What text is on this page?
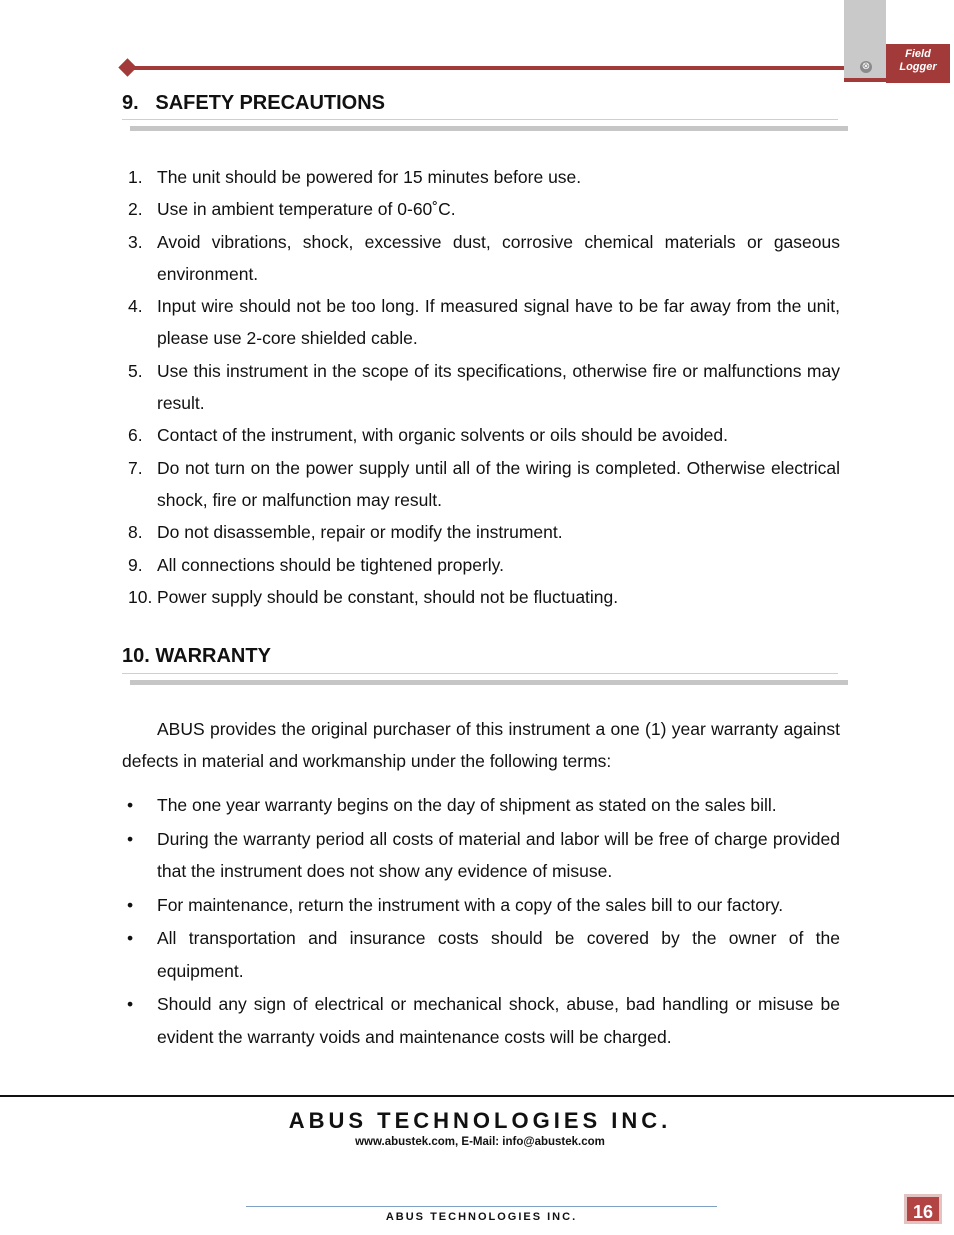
⊗
Field
Logger
9.   SAFETY PRECAUTIONS
1. The unit should be powered for 15 minutes before use.
2. Use in ambient temperature of 0-60˚C.
3. Avoid vibrations, shock, excessive dust, corrosive chemical materials or gaseous environment.
4. Input wire should not be too long. If measured signal have to be far away from the unit, please use 2-core shielded cable.
5. Use this instrument in the scope of its specifications, otherwise fire or malfunctions may result.
6. Contact of the instrument, with organic solvents or oils should be avoided.
7. Do not turn on the power supply until all of the wiring is completed. Otherwise electrical shock, fire or malfunction may result.
8. Do not disassemble, repair or modify the instrument.
9. All connections should be tightened properly.
10. Power supply should be constant, should not be fluctuating.
10. WARRANTY
ABUS provides the original purchaser of this instrument a one (1) year warranty against defects in material and workmanship under the following terms:
• The one year warranty begins on the day of shipment as stated on the sales bill.
• During the warranty period all costs of material and labor will be free of charge provided that the instrument does not show any evidence of misuse.
• For maintenance, return the instrument with a copy of the sales bill to our factory.
• All transportation and insurance costs should be covered by the owner of the equipment.
• Should any sign of electrical or mechanical shock, abuse, bad handling or misuse be evident the warranty voids and maintenance costs will be charged.
ABUS TECHNOLOGIES INC.
www.abustek.com, E-Mail: info@abustek.com
ABUS TECHNOLOGIES INC.	16
